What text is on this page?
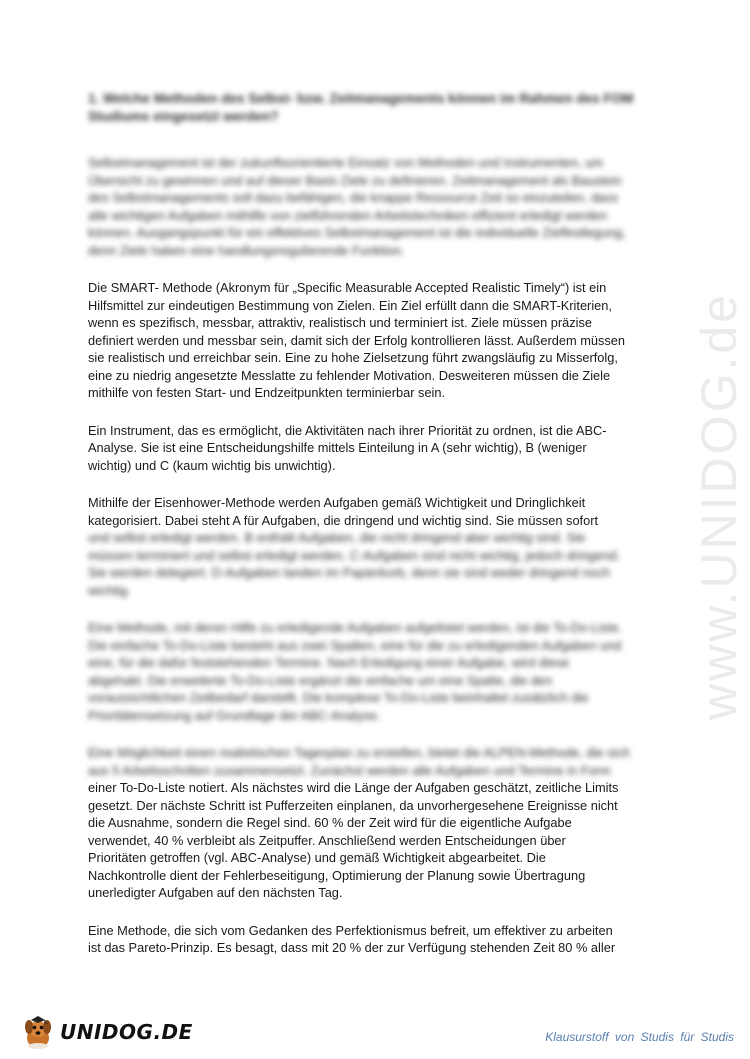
www.UNIDOG.de
1. Welche Methoden des Selbst- bzw. Zeitmanagements können im Rahmen des FOM Studiums eingesetzt werden?
Selbstmanagement ist der zukunftsorientierte Einsatz von Methoden und Instrumenten, um
Übersicht zu gewinnen und auf dieser Basis Ziele zu definieren. Zeitmanagement als Baustein
des Selbstmanagements soll dazu befähigen, die knappe Ressource Zeit so einzuteilen, dass
alle wichtigen Aufgaben mithilfe von zielführenden Arbeitstechniken effizient erledigt werden
können. Ausgangspunkt für ein effektives Selbstmanagement ist die individuelle Zielfestlegung,
denn Ziele haben eine handlungsregulierende Funktion.
Die SMART- Methode (Akronym für „Specific Measurable Accepted Realistic Timely“) ist ein
Hilfsmittel zur eindeutigen Bestimmung von Zielen. Ein Ziel erfüllt dann die SMART-Kriterien,
wenn es spezifisch, messbar, attraktiv, realistisch und terminiert ist. Ziele müssen präzise
definiert werden und messbar sein, damit sich der Erfolg kontrollieren lässt. Außerdem müssen
sie realistisch und erreichbar sein. Eine zu hohe Zielsetzung führt zwangsläufig zu Misserfolg,
eine zu niedrig angesetzte Messlatte zu fehlender Motivation. Desweiteren müssen die Ziele
mithilfe von festen Start- und Endzeitpunkten terminierbar sein.
Ein Instrument, das es ermöglicht, die Aktivitäten nach ihrer Priorität zu ordnen, ist die ABC-
Analyse. Sie ist eine Entscheidungshilfe mittels Einteilung in A (sehr wichtig), B (weniger
wichtig) und C (kaum wichtig bis unwichtig).
Mithilfe der Eisenhower-Methode werden Aufgaben gemäß Wichtigkeit und Dringlichkeit
kategorisiert. Dabei steht A für Aufgaben, die dringend und wichtig sind. Sie müssen sofort
und selbst erledigt werden. B enthält Aufgaben, die nicht dringend aber wichtig sind. Sie
müssen terminiert und selbst erledigt werden. C-Aufgaben sind nicht wichtig, jedoch dringend.
Sie werden delegiert. D-Aufgaben landen im Papierkorb, denn sie sind weder dringend noch
wichtig.
Eine Methode, mit deren Hilfe zu erledigende Aufgaben aufgelistet werden, ist die To-Do-Liste.
Die einfache To-Do-Liste besteht aus zwei Spalten, eine für die zu erledigenden Aufgaben und
eine, für die dafür feststehenden Termine. Nach Erledigung einer Aufgabe, wird diese
abgehakt. Die erweiterte To-Do-Liste ergänzt die einfache um eine Spalte, die den
voraussichtlichen Zeitbedarf darstellt. Die komplexe To-Do-Liste beinhaltet zusätzlich die
Prioritätensetzung auf Grundlage der ABC-Analyse.
Eine Möglichkeit einen realistischen Tagesplan zu erstellen, bietet die ALPEN-Methode, die sich
aus 5 Arbeitsschritten zusammensetzt. Zunächst werden alle Aufgaben und Termine in Form
einer To-Do-Liste notiert. Als nächstes wird die Länge der Aufgaben geschätzt, zeitliche Limits
gesetzt. Der nächste Schritt ist Pufferzeiten einplanen, da unvorhergesehene Ereignisse nicht
die Ausnahme, sondern die Regel sind. 60 % der Zeit wird für die eigentliche Aufgabe
verwendet, 40 % verbleibt als Zeitpuffer. Anschließend werden Entscheidungen über
Prioritäten getroffen (vgl. ABC-Analyse) und gemäß Wichtigkeit abgearbeitet. Die
Nachkontrolle dient der Fehlerbeseitigung, Optimierung der Planung sowie Übertragung
unerledigter Aufgaben auf den nächsten Tag.
Eine Methode, die sich vom Gedanken des Perfektionismus befreit, um effektiver zu arbeiten
ist das Pareto-Prinzip. Es besagt, dass mit 20 % der zur Verfügung stehenden Zeit 80 % aller
UNIDOG.DE	Klausurstoff von Studis für Studis
